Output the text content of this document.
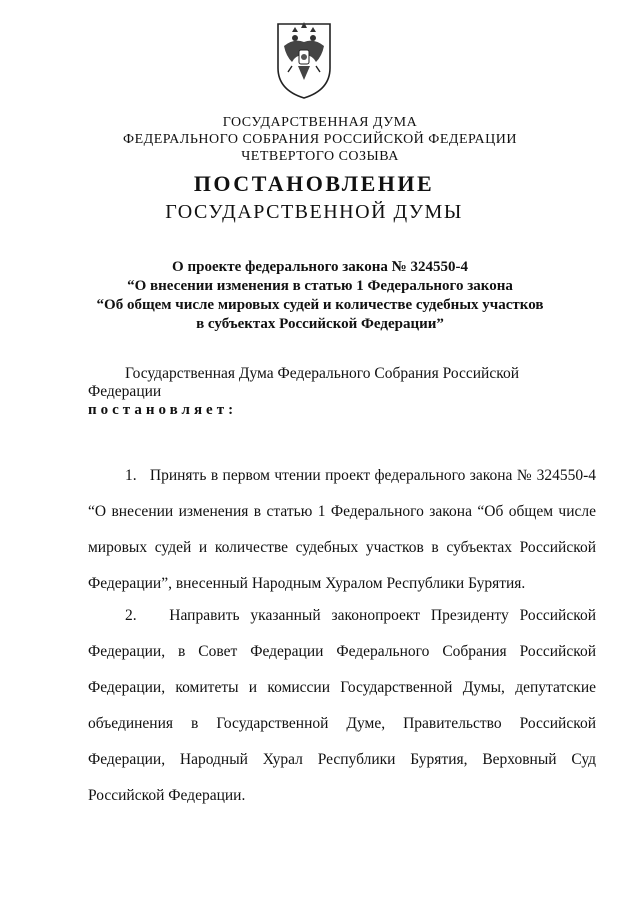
ГОСУДАРСТВЕННАЯ ДУМА
ФЕДЕРАЛЬНОГО СОБРАНИЯ РОССИЙСКОЙ ФЕДЕРАЦИИ
ЧЕТВЕРТОГО СОЗЫВА
ПОСТАНОВЛЕНИЕ
ГОСУДАРСТВЕННОЙ ДУМЫ
О проекте федерального закона № 324550-4
“О внесении изменения в статью 1 Федерального закона
“Об общем числе мировых судей и количестве судебных участков
в субъектах Российской Федерации”
Государственная Дума Федерального Собрания Российской Федерации
постановляет:
1. Принять в первом чтении проект федерального закона № 324550-4 “О внесении изменения в статью 1 Федерального закона “Об общем числе мировых судей и количестве судебных участков в субъектах Российской Федерации”, внесенный Народным Хуралом Республики Бурятия.
2. Направить указанный законопроект Президенту Российской Федерации, в Совет Федерации Федерального Собрания Российской Федерации, комитеты и комиссии Государственной Думы, депутатские объединения в Государственной Думе, Правительство Российской Федерации, Народный Хурал Республики Бурятия, Верховный Суд Российской Федерации.
